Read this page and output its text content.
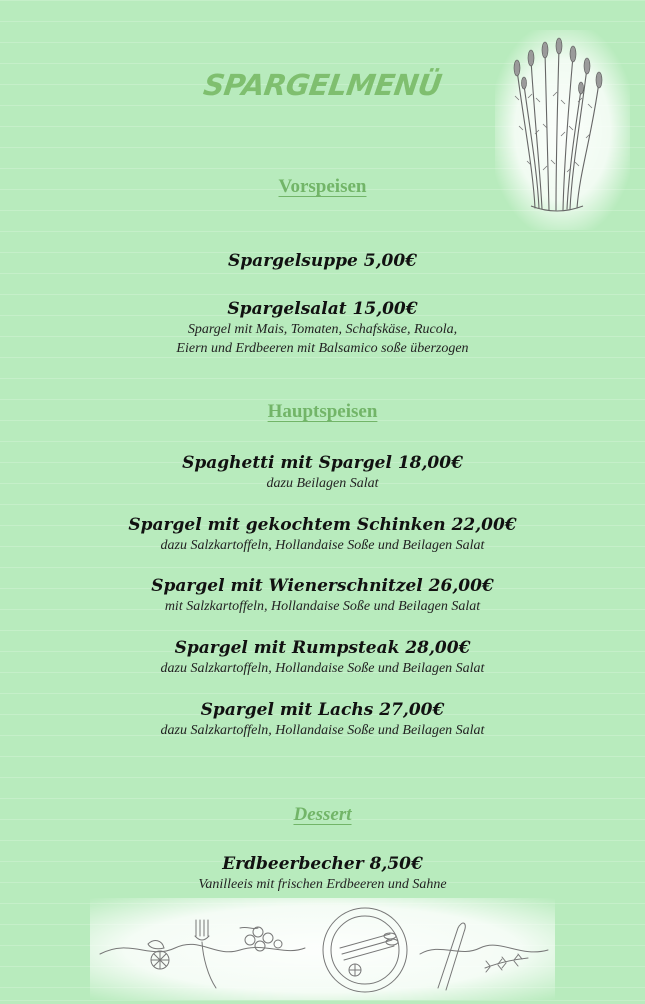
SPARGELMENÜ
Vorspeisen
Spargelsuppe 5,00€
Spargelsalat 15,00€
Spargel mit Mais, Tomaten, Schafskäse, Rucola,
Eiern und Erdbeeren mit Balsamico soße überzogen
Hauptspeisen
Spaghetti mit Spargel 18,00€
dazu Beilagen Salat
Spargel mit gekochtem Schinken 22,00€
dazu Salzkartoffeln, Hollandaise Soße und Beilagen Salat
Spargel mit Wienerschnitzel 26,00€
mit Salzkartoffeln, Hollandaise Soße und Beilagen Salat
Spargel mit Rumpsteak 28,00€
dazu Salzkartoffeln, Hollandaise Soße und Beilagen Salat
Spargel mit Lachs 27,00€
dazu Salzkartoffeln, Hollandaise Soße und Beilagen Salat
Dessert
Erdbeerbecher 8,50€
Vanilleeis mit frischen Erdbeeren und Sahne
